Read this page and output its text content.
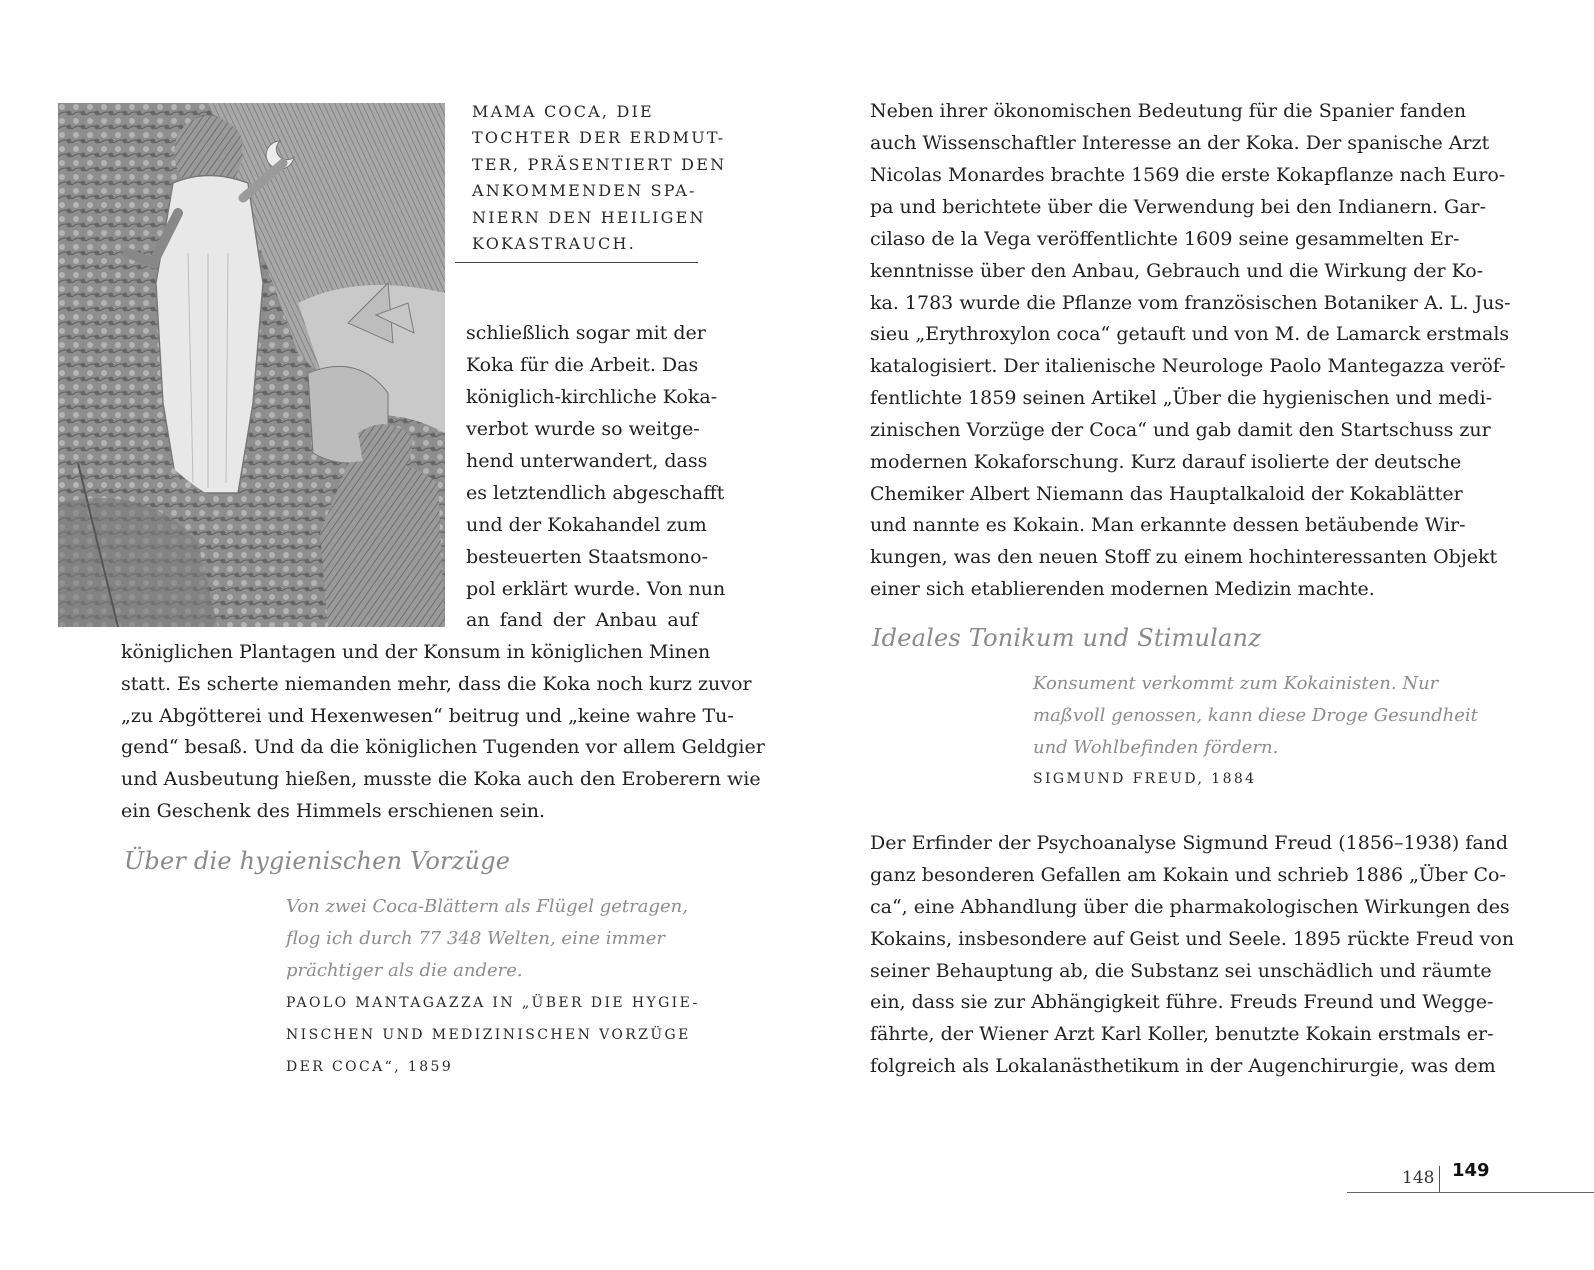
MAMA COCA, DIE
TOCHTER DER ERDMUT-
TER, PRÄSENTIERT DEN
ANKOMMENDEN SPA-
NIERN DEN HEILIGEN
KOKASTRAUCH.
schließlich sogar mit der
Koka für die Arbeit. Das
königlich-kirchliche Koka-
verbot wurde so weitge-
hend unterwandert, dass
es letztendlich abgeschafft
und der Kokahandel zum
besteuerten Staatsmono-
pol erklärt wurde. Von nun
an fand der Anbau auf
königlichen Plantagen und der Konsum in königlichen Minen
statt. Es scherte niemanden mehr, dass die Koka noch kurz zuvor
„zu Abgötterei und Hexenwesen“ beitrug und „keine wahre Tu-
gend“ besaß. Und da die königlichen Tugenden vor allem Geldgier
und Ausbeutung hießen, musste die Koka auch den Eroberern wie
ein Geschenk des Himmels erschienen sein.
Über die hygienischen Vorzüge
Von zwei Coca-Blättern als Flügel getragen,
flog ich durch 77 348 Welten, eine immer
prächtiger als die andere.
PAOLO MANTAGAZZA IN „ÜBER DIE HYGIE-
NISCHEN UND MEDIZINISCHEN VORZÜGE
DER COCA“, 1859
Neben ihrer ökonomischen Bedeutung für die Spanier fanden
auch Wissenschaftler Interesse an der Koka. Der spanische Arzt
Nicolas Monardes brachte 1569 die erste Kokapflanze nach Euro-
pa und berichtete über die Verwendung bei den Indianern. Gar-
cilaso de la Vega veröffentlichte 1609 seine gesammelten Er-
kenntnisse über den Anbau, Gebrauch und die Wirkung der Ko-
ka. 1783 wurde die Pflanze vom französischen Botaniker A. L. Jus-
sieu „Erythroxylon coca“ getauft und von M. de Lamarck erstmals
katalogisiert. Der italienische Neurologe Paolo Mantegazza veröf-
fentlichte 1859 seinen Artikel „Über die hygienischen und medi-
zinischen Vorzüge der Coca“ und gab damit den Startschuss zur
modernen Kokaforschung. Kurz darauf isolierte der deutsche
Chemiker Albert Niemann das Hauptalkaloid der Kokablätter
und nannte es Kokain. Man erkannte dessen betäubende Wir-
kungen, was den neuen Stoff zu einem hochinteressanten Objekt
einer sich etablierenden modernen Medizin machte.
Ideales Tonikum und Stimulanz
Konsument verkommt zum Kokainisten. Nur
maßvoll genossen, kann diese Droge Gesundheit
und Wohlbefinden fördern.
SIGMUND FREUD, 1884
Der Erfinder der Psychoanalyse Sigmund Freud (1856–1938) fand
ganz besonderen Gefallen am Kokain und schrieb 1886 „Über Co-
ca“, eine Abhandlung über die pharmakologischen Wirkungen des
Kokains, insbesondere auf Geist und Seele. 1895 rückte Freud von
seiner Behauptung ab, die Substanz sei unschädlich und räumte
ein, dass sie zur Abhängigkeit führe. Freuds Freund und Wegge-
fährte, der Wiener Arzt Karl Koller, benutzte Kokain erstmals er-
folgreich als Lokalanästhetikum in der Augenchirurgie, was dem
148 149
